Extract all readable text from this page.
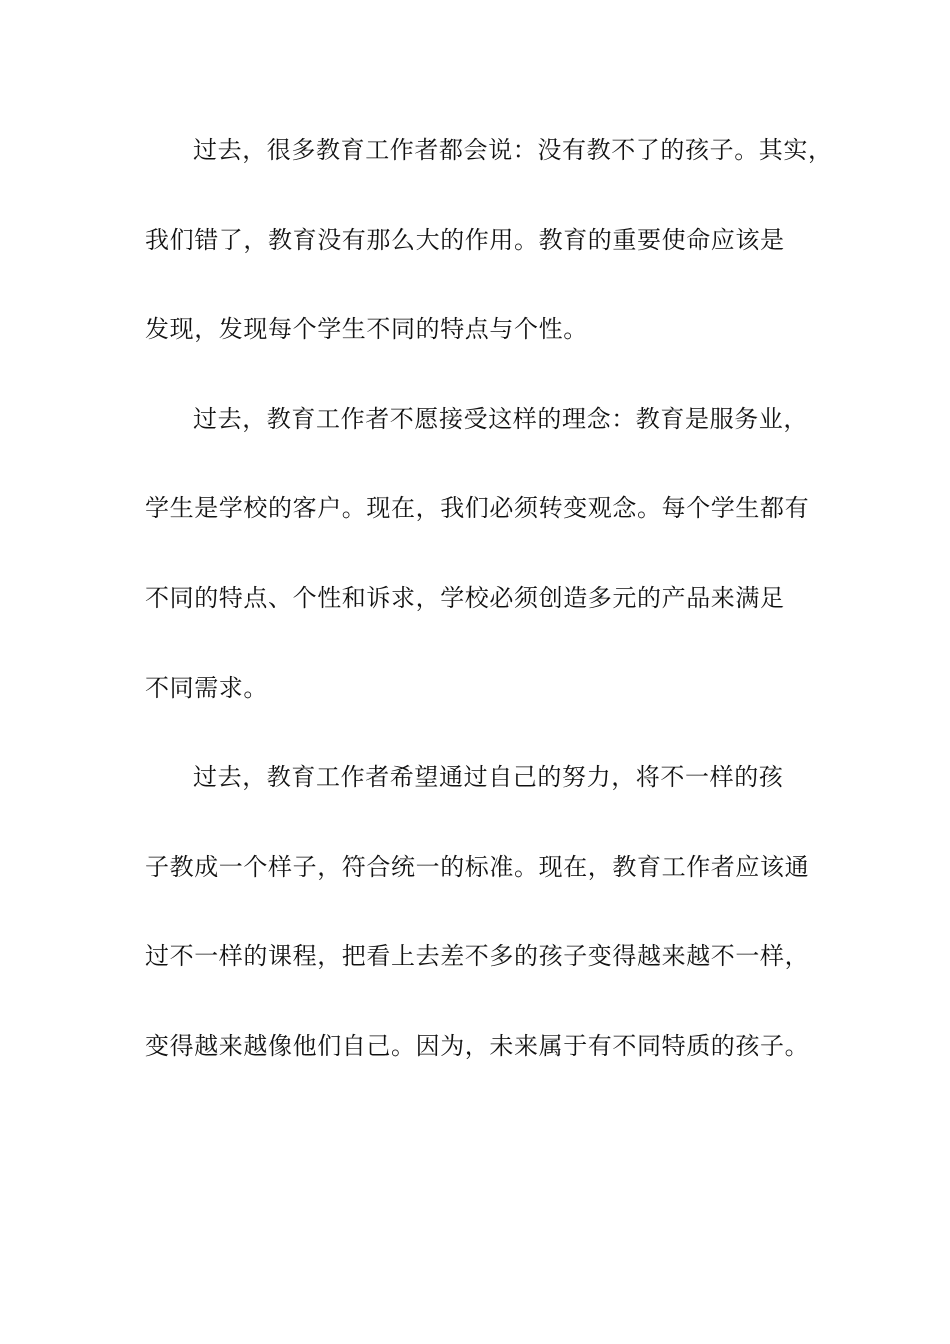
过去，很多教育工作者都会说：没有教不了的孩子。其实，
我们错了，教育没有那么大的作用。教育的重要使命应该是
发现，发现每个学生不同的特点与个性。
过去，教育工作者不愿接受这样的理念：教育是服务业，
学生是学校的客户。现在，我们必须转变观念。每个学生都有
不同的特点、个性和诉求，学校必须创造多元的产品来满足
不同需求。
过去，教育工作者希望通过自己的努力，将不一样的孩
子教成一个样子，符合统一的标准。现在，教育工作者应该通
过不一样的课程，把看上去差不多的孩子变得越来越不一样，
变得越来越像他们自己。因为，未来属于有不同特质的孩子。
